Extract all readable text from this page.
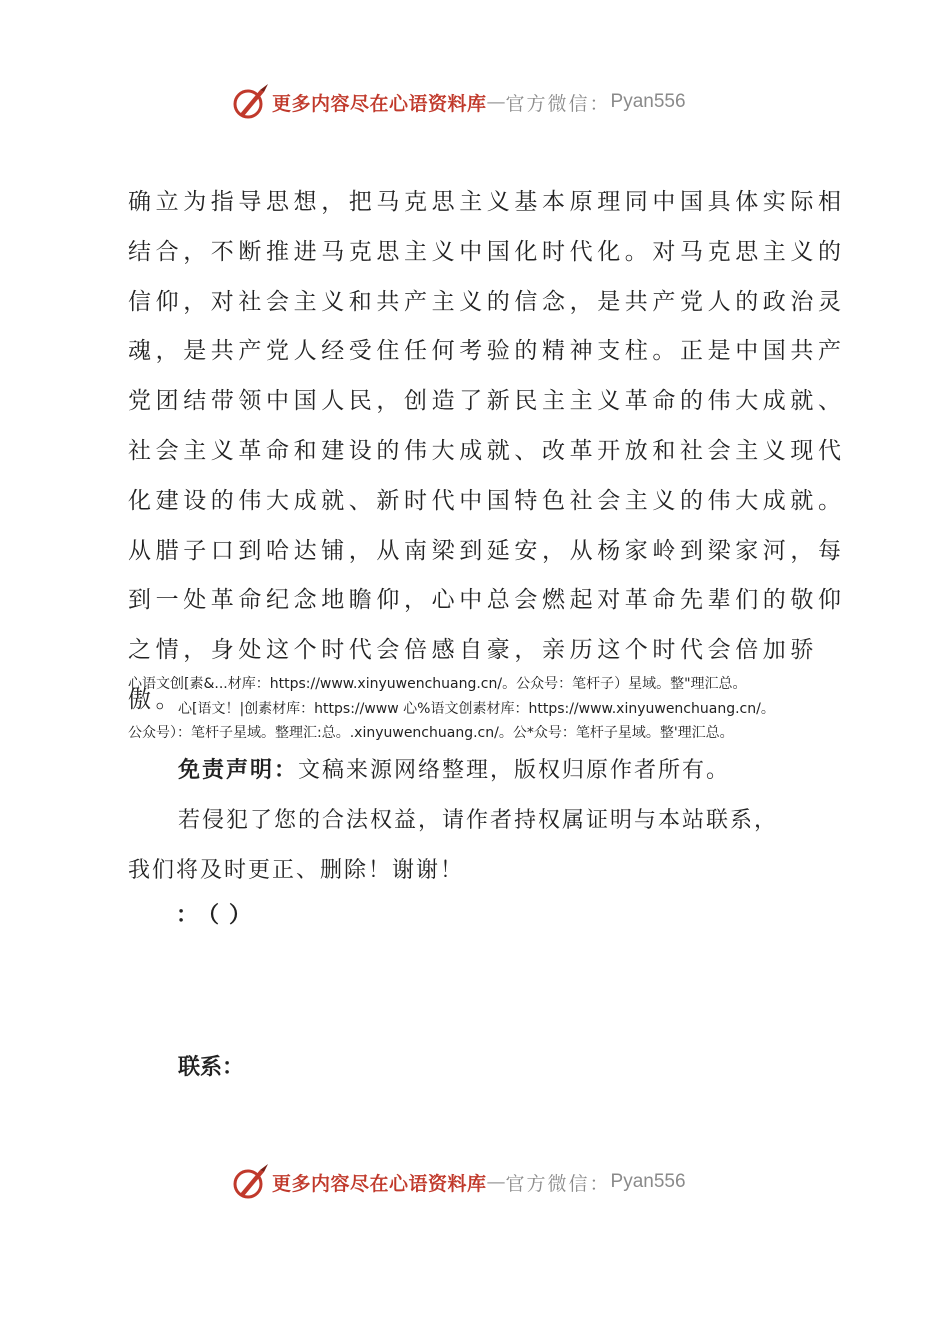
更多内容尽在心语资料库 — 官方微信： Pyan556

确立为指导思想，把马克思主义基本原理同中国具体实际相结合，不断推进马克思主义中国化时代化。对马克思主义的信仰，对社会主义和共产主义的信念，是共产党人的政治灵魂，是共产党人经受住任何考验的精神支柱。正是中国共产党团结带领中国人民，创造了新民主主义革命的伟大成就、社会主义革命和建设的伟大成就、改革开放和社会主义现代化建设的伟大成就、新时代中国特色社会主义的伟大成就。从腊子口到哈达铺，从南梁到延安，从杨家岭到梁家河，每到一处革命纪念地瞻仰，心中总会燃起对革命先辈们的敬仰之情，身处这个时代会倍感自豪，亲历这个时代会倍加骄傲。

心语文创[素&...材库：https://www.xinyuwenchuang.cn/。公众号：笔杆子）星域。整"理汇总。
心[语文！|创素材库：https://www 心%语文创素材库：https://www.xinyuwenchuang.cn/。
公众号）：笔杆子星域。整理汇:总。.xinyuwenchuang.cn/。公*众号：笔杆子星域。整'理汇总。
免责声明：文稿来源网络整理，版权归原作者所有。
若侵犯了您的合法权益，请作者持权属证明与本站联系，
我们将及时更正、删除！谢谢！

：（）

联系：

更多内容尽在心语资料库 — 官方微信： Pyan556
